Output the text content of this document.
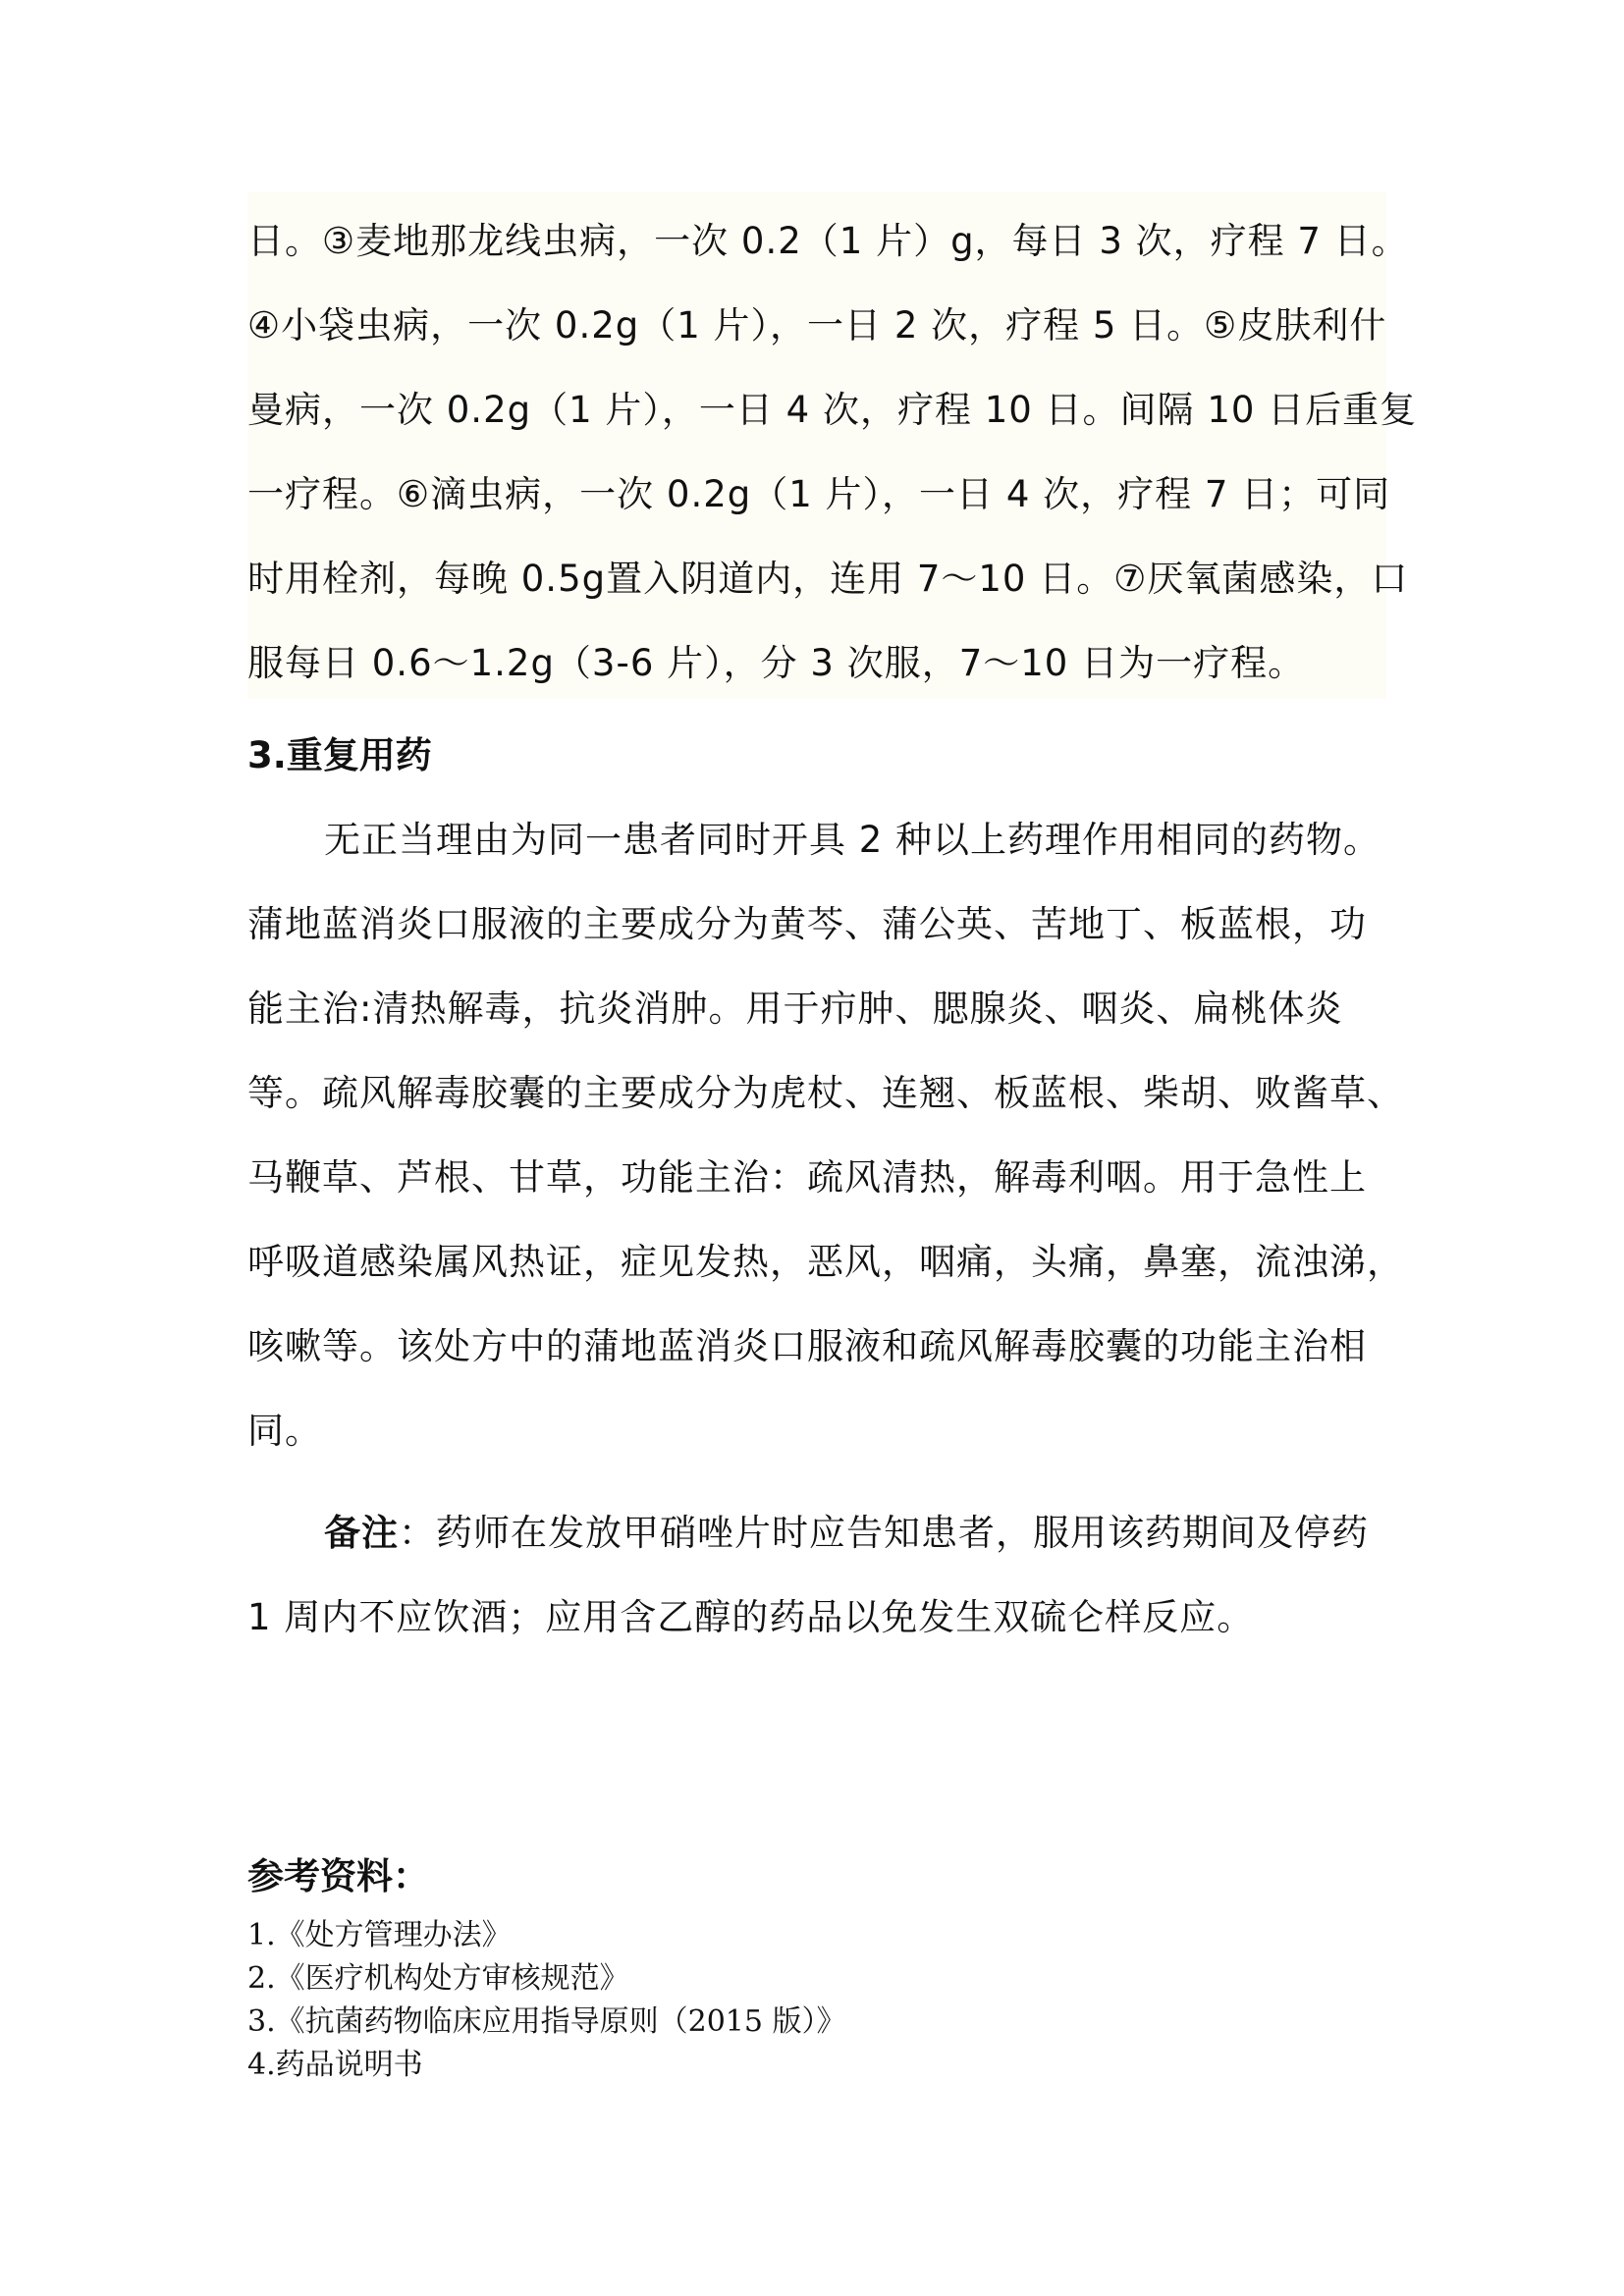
日。③麦地那龙线虫病，一次 0.2（1 片）g，每日 3 次，疗程 7 日。
④小袋虫病，一次 0.2g（1 片），一日 2 次，疗程 5 日。⑤皮肤利什
曼病，一次 0.2g（1 片），一日 4 次，疗程 10 日。间隔 10 日后重复
一疗程。⑥滴虫病，一次 0.2g（1 片），一日 4 次，疗程 7 日；可同
时用栓剂，每晚 0.5g置入阴道内，连用 7～10 日。⑦厌氧菌感染，口
服每日 0.6～1.2g（3-6 片），分 3 次服，7～10 日为一疗程。
3.重复用药
无正当理由为同一患者同时开具 2 种以上药理作用相同的药物。
蒲地蓝消炎口服液的主要成分为黄芩、蒲公英、苦地丁、板蓝根，功
能主治:清热解毒，抗炎消肿。用于疖肿、腮腺炎、咽炎、扁桃体炎
等。疏风解毒胶囊的主要成分为虎杖、连翘、板蓝根、柴胡、败酱草、
马鞭草、芦根、甘草，功能主治：疏风清热，解毒利咽。用于急性上
呼吸道感染属风热证，症见发热，恶风，咽痛，头痛，鼻塞，流浊涕，
咳嗽等。该处方中的蒲地蓝消炎口服液和疏风解毒胶囊的功能主治相
同。
备注：药师在发放甲硝唑片时应告知患者，服用该药期间及停药
1 周内不应饮酒；应用含乙醇的药品以免发生双硫仑样反应。
参考资料：
1.《处方管理办法》
2.《医疗机构处方审核规范》
3.《抗菌药物临床应用指导原则（2015 版）》
4.药品说明书
